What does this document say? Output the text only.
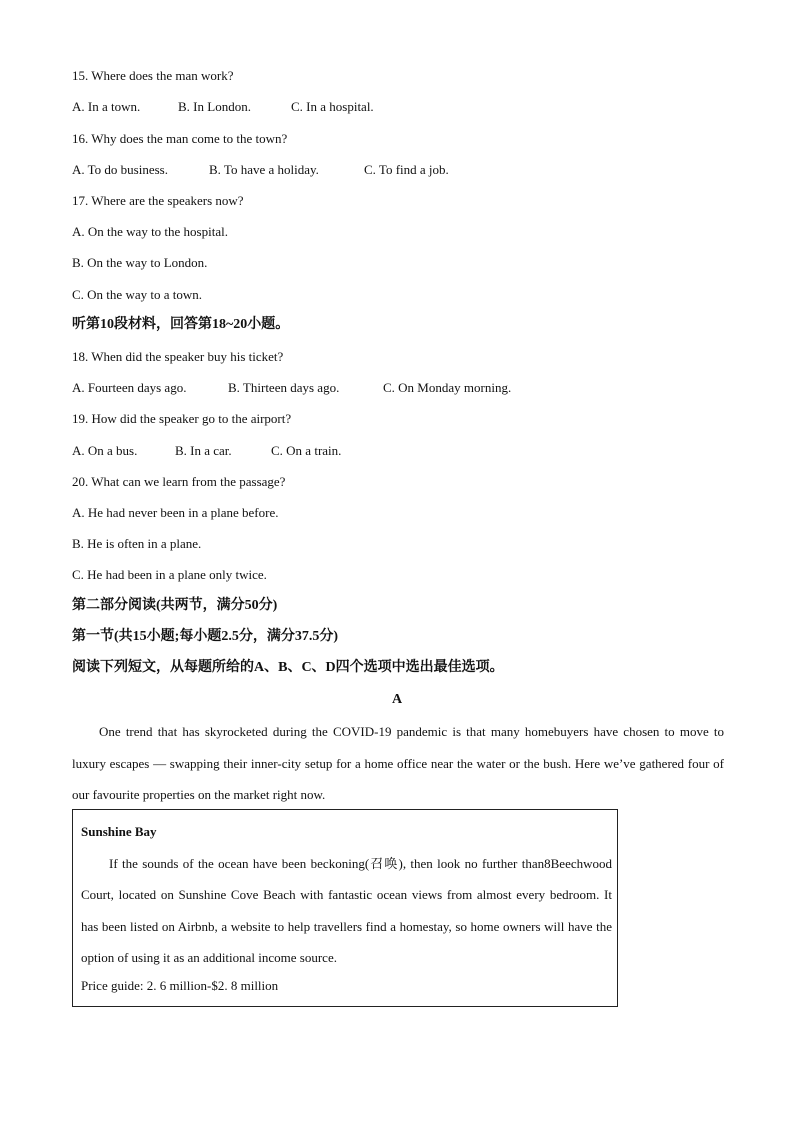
15. Where does the man work?
A. In a town.	B. In London.	C. In a hospital.
16. Why does the man come to the town?
A. To do business.	B. To have a holiday.	C. To find a job.
17. Where are the speakers now?
A. On the way to the hospital.
B. On the way to London.
C. On the way to a town.
听第10段材料，回答第18~20小题。
18. When did the speaker buy his ticket?
A. Fourteen days ago.	B. Thirteen days ago.	C. On Monday morning.
19. How did the speaker go to the airport?
A. On a bus.	B. In a car.	C. On a train.
20. What can we learn from the passage?
A. He had never been in a plane before.
B. He is often in a plane.
C. He had been in a plane only twice.
第二部分阅读(共两节，满分50分)
第一节(共15小题;每小题2.5分，满分37.5分)
阅读下列短文，从每题所给的A、B、C、D四个选项中选出最佳选项。
A
One trend that has skyrocketed during the COVID-19 pandemic is that many homebuyers have chosen to move to luxury escapes — swapping their inner-city setup for a home office near the water or the bush. Here we’ve gathered four of our favourite properties on the market right now.
Sunshine Bay
If the sounds of the ocean have been beckoning(召唤), then look no further than8Beechwood Court, located on Sunshine Cove Beach with fantastic ocean views from almost every bedroom. It has been listed on Airbnb, a website to help travellers find a homestay, so home owners will have the option of using it as an additional income source.
Price guide: 2. 6 million-$2. 8 million
